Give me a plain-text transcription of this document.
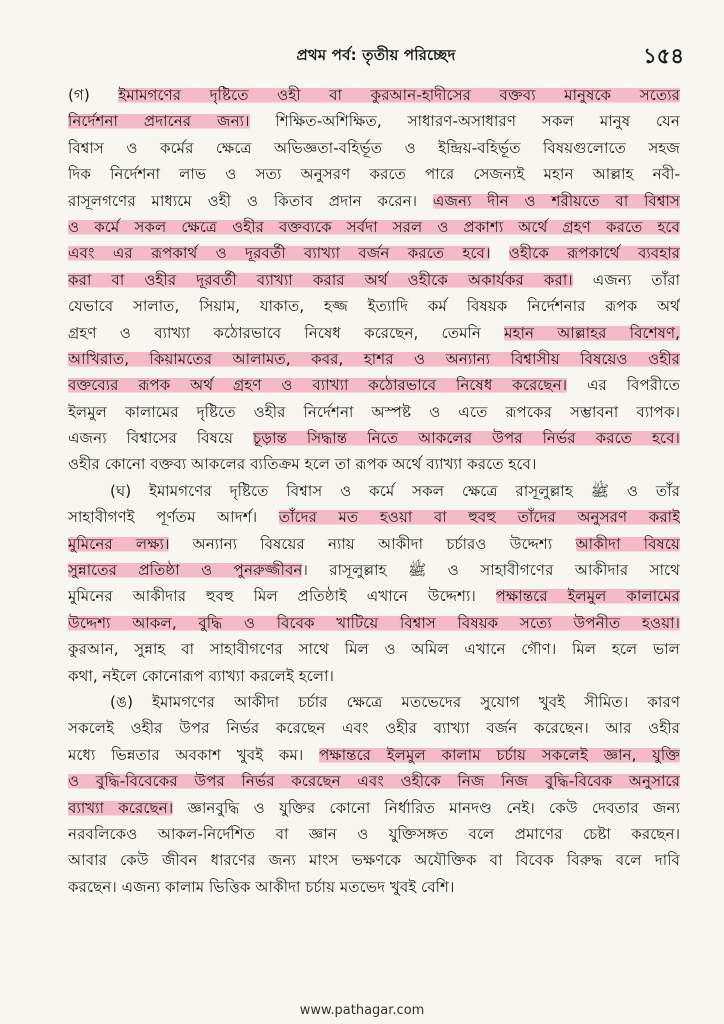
প্রথম পর্ব: তৃতীয় পরিচ্ছেদ	১৫৪
(গ) ইমামগণের দৃষ্টিতে ওহী বা কুরআন-হাদীসের বক্তব্য মানুষকে সত্যের
নির্দেশনা প্রদানের জন্য। শিক্ষিত-অশিক্ষিত, সাধারণ-অসাধারণ সকল মানুষ যেন
বিশ্বাস ও কর্মের ক্ষেত্রে অভিজ্ঞতা-বহির্ভূত ও ইন্দ্রিয়-বহির্ভূত বিষয়গুলোতে সহজ
দিক নির্দেশনা লাভ ও সত্য অনুসরণ করতে পারে সেজন্যই মহান আল্লাহ নবী-
রাসূলগণের মাধ্যমে ওহী ও কিতাব প্রদান করেন। এজন্য দীন ও শরীয়তে বা বিশ্বাস
ও কর্মে সকল ক্ষেত্রে ওহীর বক্তব্যকে সর্বদা সরল ও প্রকাশ্য অর্থে গ্রহণ করতে হবে
এবং এর রূপকার্থ ও দূরবর্তী ব্যাখ্যা বর্জন করতে হবে। ওহীকে রূপকার্থে ব্যবহার
করা বা ওহীর দূরবর্তী ব্যাখ্যা করার অর্থ ওহীকে অকার্যকর করা। এজন্য তাঁরা
যেভাবে সালাত, সিয়াম, যাকাত, হজ্জ ইত্যাদি কর্ম বিষয়ক নির্দেশনার রূপক অর্থ
গ্রহণ ও ব্যাখ্যা কঠোরভাবে নিষেধ করেছেন, তেমনি মহান আল্লাহর বিশেষণ,
আখিরাত, কিয়ামতের আলামত, কবর, হাশর ও অন্যান্য বিশ্বাসীয় বিষয়েও ওহীর
বক্তব্যের রূপক অর্থ গ্রহণ ও ব্যাখ্যা কঠোরভাবে নিষেধ করেছেন। এর বিপরীতে
ইলমুল কালামের দৃষ্টিতে ওহীর নির্দেশনা অস্পষ্ট ও এতে রূপকের সম্ভাবনা ব্যাপক।
এজন্য বিশ্বাসের বিষয়ে চূড়ান্ত সিদ্ধান্ত নিতে আকলের উপর নির্ভর করতে হবে।
ওহীর কোনো বক্তব্য আকলের ব্যতিক্রম হলে তা রূপক অর্থে ব্যাখ্যা করতে হবে।
(ঘ) ইমামগণের দৃষ্টিতে বিশ্বাস ও কর্মে সকল ক্ষেত্রে রাসূলুল্লাহ ﷺ ও তাঁর
সাহাবীগণই পূর্ণতম আদর্শ। তাঁদের মত হওয়া বা হুবহু তাঁদের অনুসরণ করাই
মুমিনের লক্ষ্য। অন্যান্য বিষয়ের ন্যায় আকীদা চর্চারও উদ্দেশ্য আকীদা বিষয়ে
সুন্নাতের প্রতিষ্ঠা ও পুনরুজ্জীবন। রাসূলুল্লাহ ﷺ ও সাহাবীগণের আকীদার সাথে
মুমিনের আকীদার হুবহু মিল প্রতিষ্ঠাই এখানে উদ্দেশ্য। পক্ষান্তরে ইলমুল কালামের
উদ্দেশ্য আকল, বুদ্ধি ও বিবেক খাটিয়ে বিশ্বাস বিষয়ক সত্যে উপনীত হওয়া।
কুরআন, সুন্নাহ বা সাহাবীগণের সাথে মিল ও অমিল এখানে গৌণ। মিল হলে ভাল
কথা, নইলে কোনোরূপ ব্যাখ্যা করলেই হলো।
(ঙ) ইমামগণের আকীদা চর্চার ক্ষেত্রে মতভেদের সুযোগ খুবই সীমিত। কারণ
সকলেই ওহীর উপর নির্ভর করেছেন এবং ওহীর ব্যাখ্যা বর্জন করেছেন। আর ওহীর
মধ্যে ভিন্নতার অবকাশ খুবই কম। পক্ষান্তরে ইলমুল কালাম চর্চায় সকলেই জ্ঞান, যুক্তি
ও বুদ্ধি-বিবেকের উপর নির্ভর করেছেন এবং ওহীকে নিজ নিজ বুদ্ধি-বিবেক অনুসারে
ব্যাখ্যা করেছেন। জ্ঞানবুদ্ধি ও যুক্তির কোনো নির্ধারিত মানদণ্ড নেই। কেউ দেবতার জন্য
নরবলিকেও আকল-নির্দেশিত বা জ্ঞান ও যুক্তিসঙ্গত বলে প্রমাণের চেষ্টা করছেন।
আবার কেউ জীবন ধারণের জন্য মাংস ভক্ষণকে অযৌক্তিক বা বিবেক বিরুদ্ধ বলে দাবি
করছেন। এজন্য কালাম ভিত্তিক আকীদা চর্চায় মতভেদ খুবই বেশি।
www.pathagar.com
